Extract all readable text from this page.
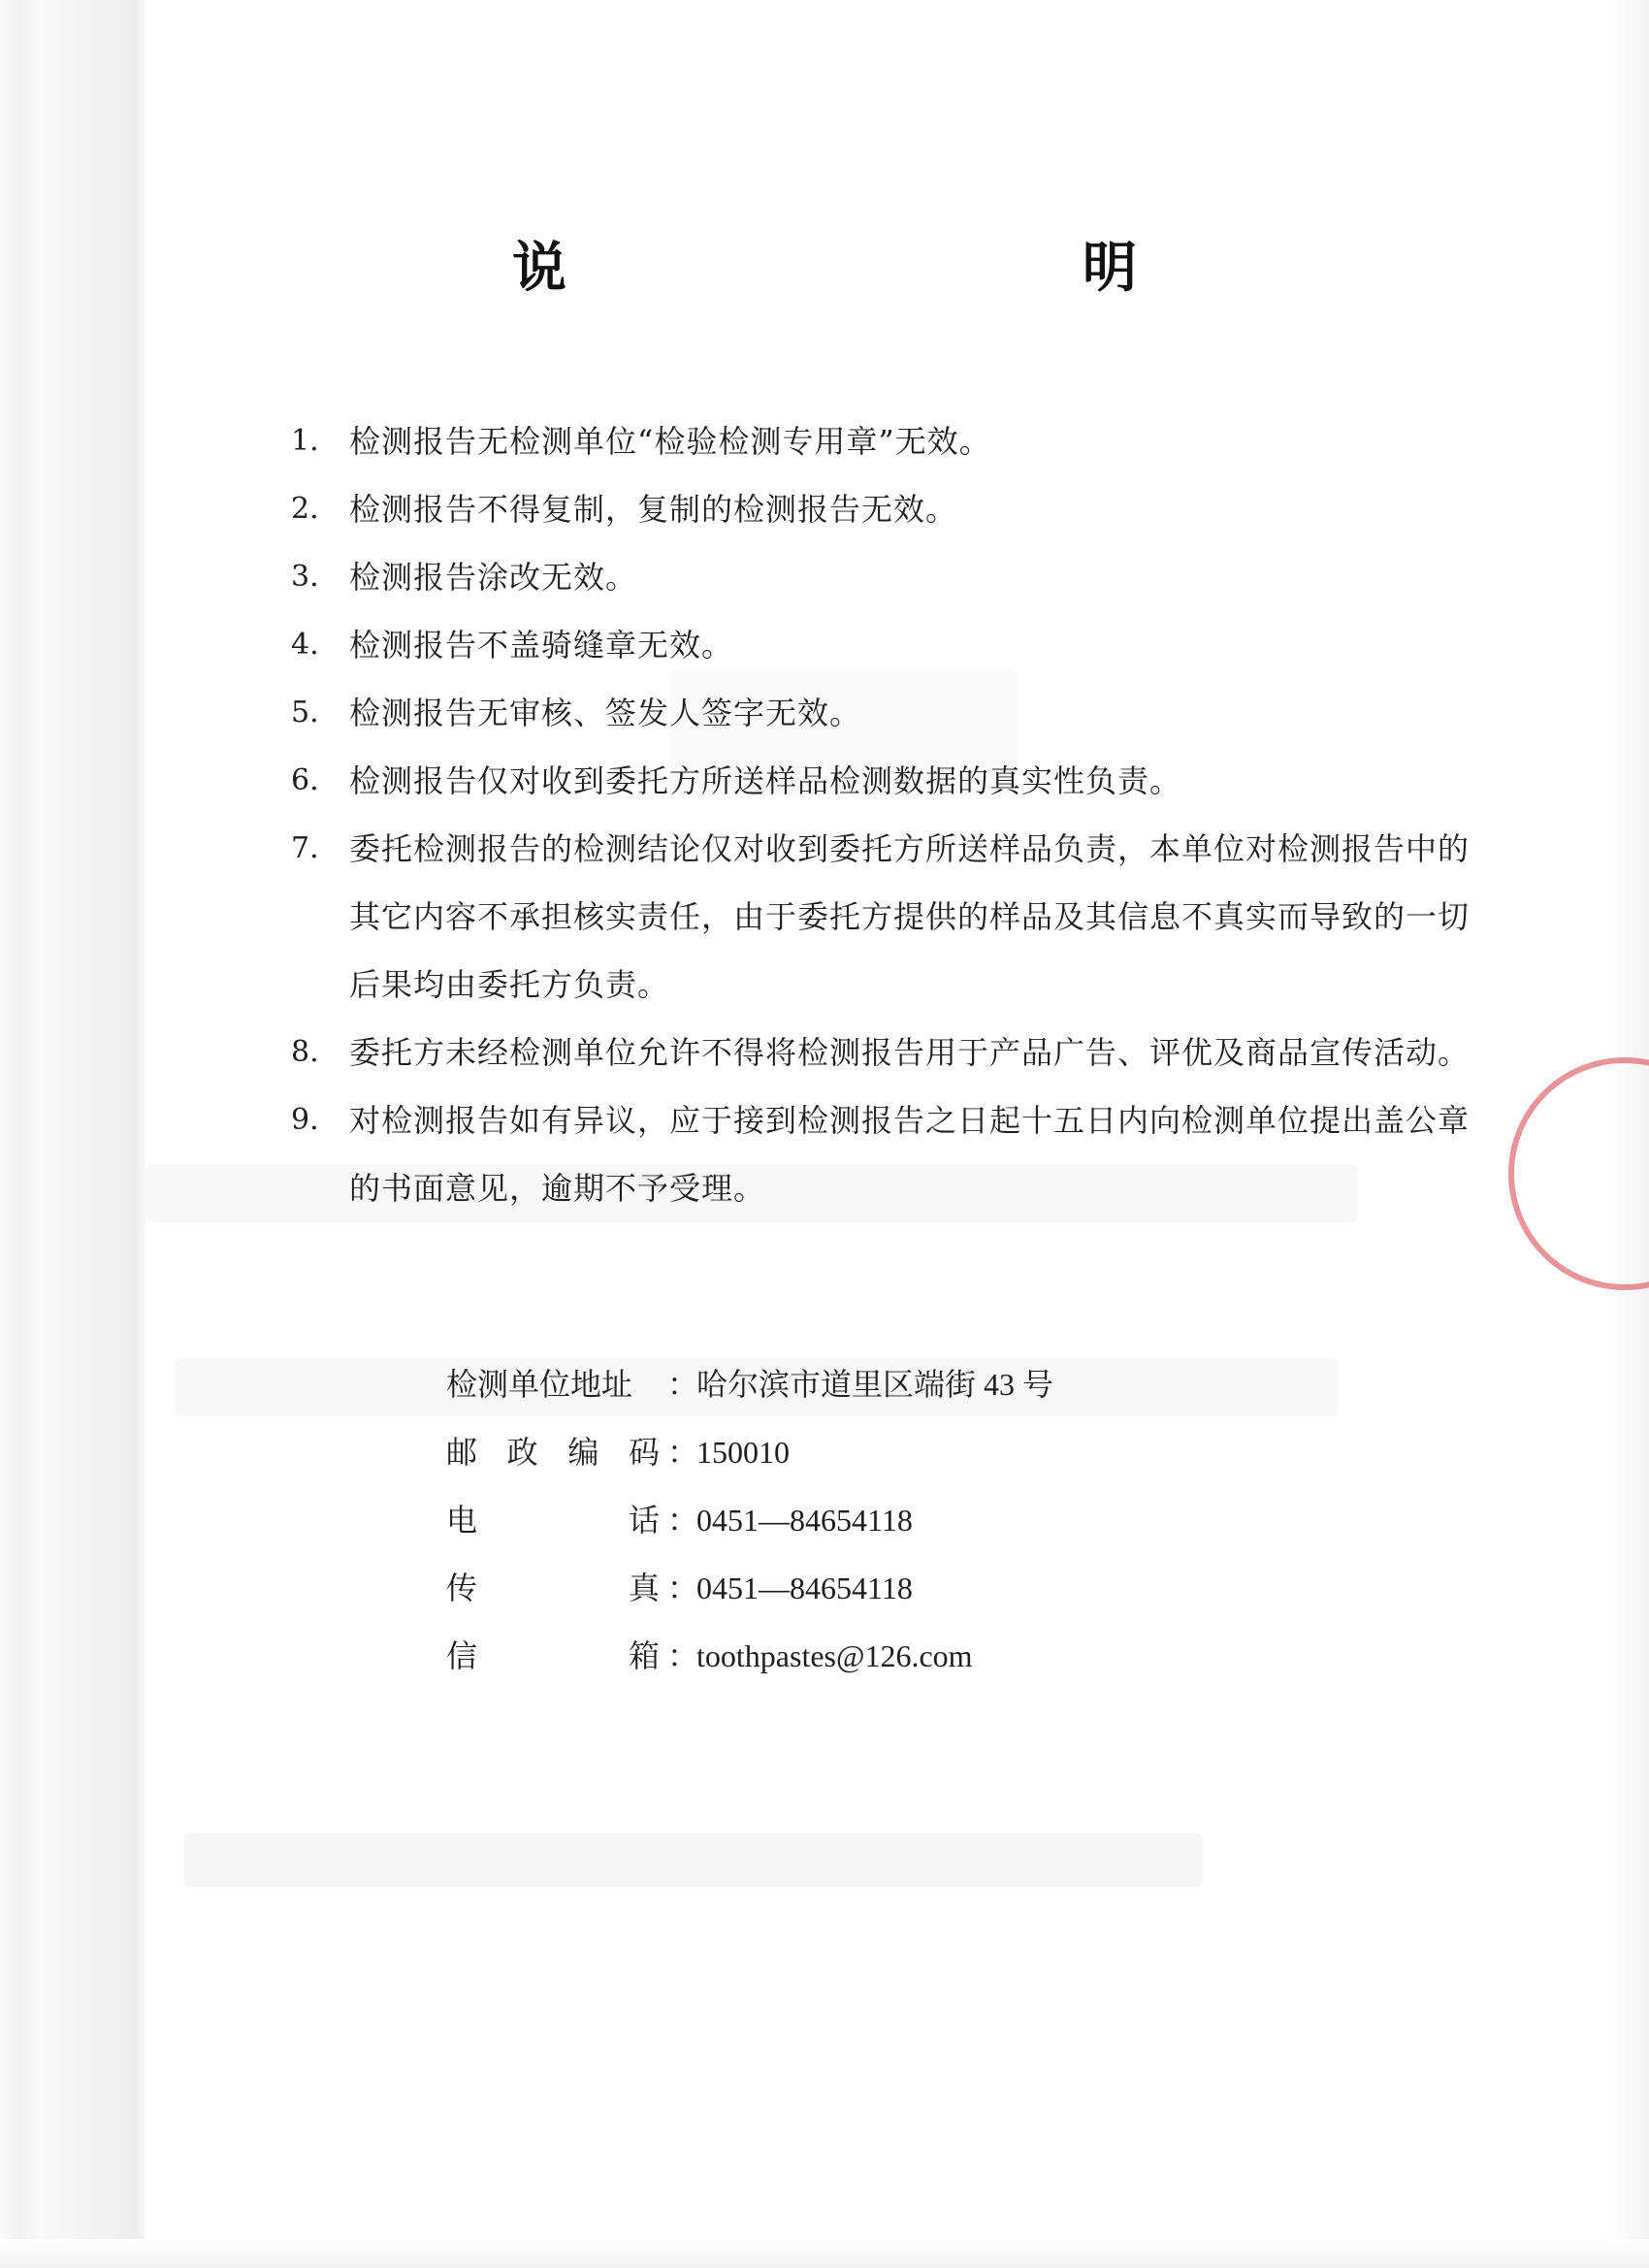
说　　明
1. 检测报告无检测单位“检验检测专用章”无效。
2. 检测报告不得复制，复制的检测报告无效。
3. 检测报告涂改无效。
4. 检测报告不盖骑缝章无效。
5. 检测报告无审核、签发人签字无效。
6. 检测报告仅对收到委托方所送样品检测数据的真实性负责。
7. 委托检测报告的检测结论仅对收到委托方所送样品负责，本单位对检测报告中的其它内容不承担核实责任，由于委托方提供的样品及其信息不真实而导致的一切后果均由委托方负责。
8. 委托方未经检测单位允许不得将检测报告用于产品广告、评优及商品宣传活动。
9. 对检测报告如有异议，应于接到检测报告之日起十五日内向检测单位提出盖公章的书面意见，逾期不予受理。
检测单位地址	：
哈尔滨市道里区端街 43 号
邮 政 编 码 ：
150010
电	话 ：
0451—84654118
传	真 ：
0451—84654118
信	箱 ：
toothpastes@126.com
